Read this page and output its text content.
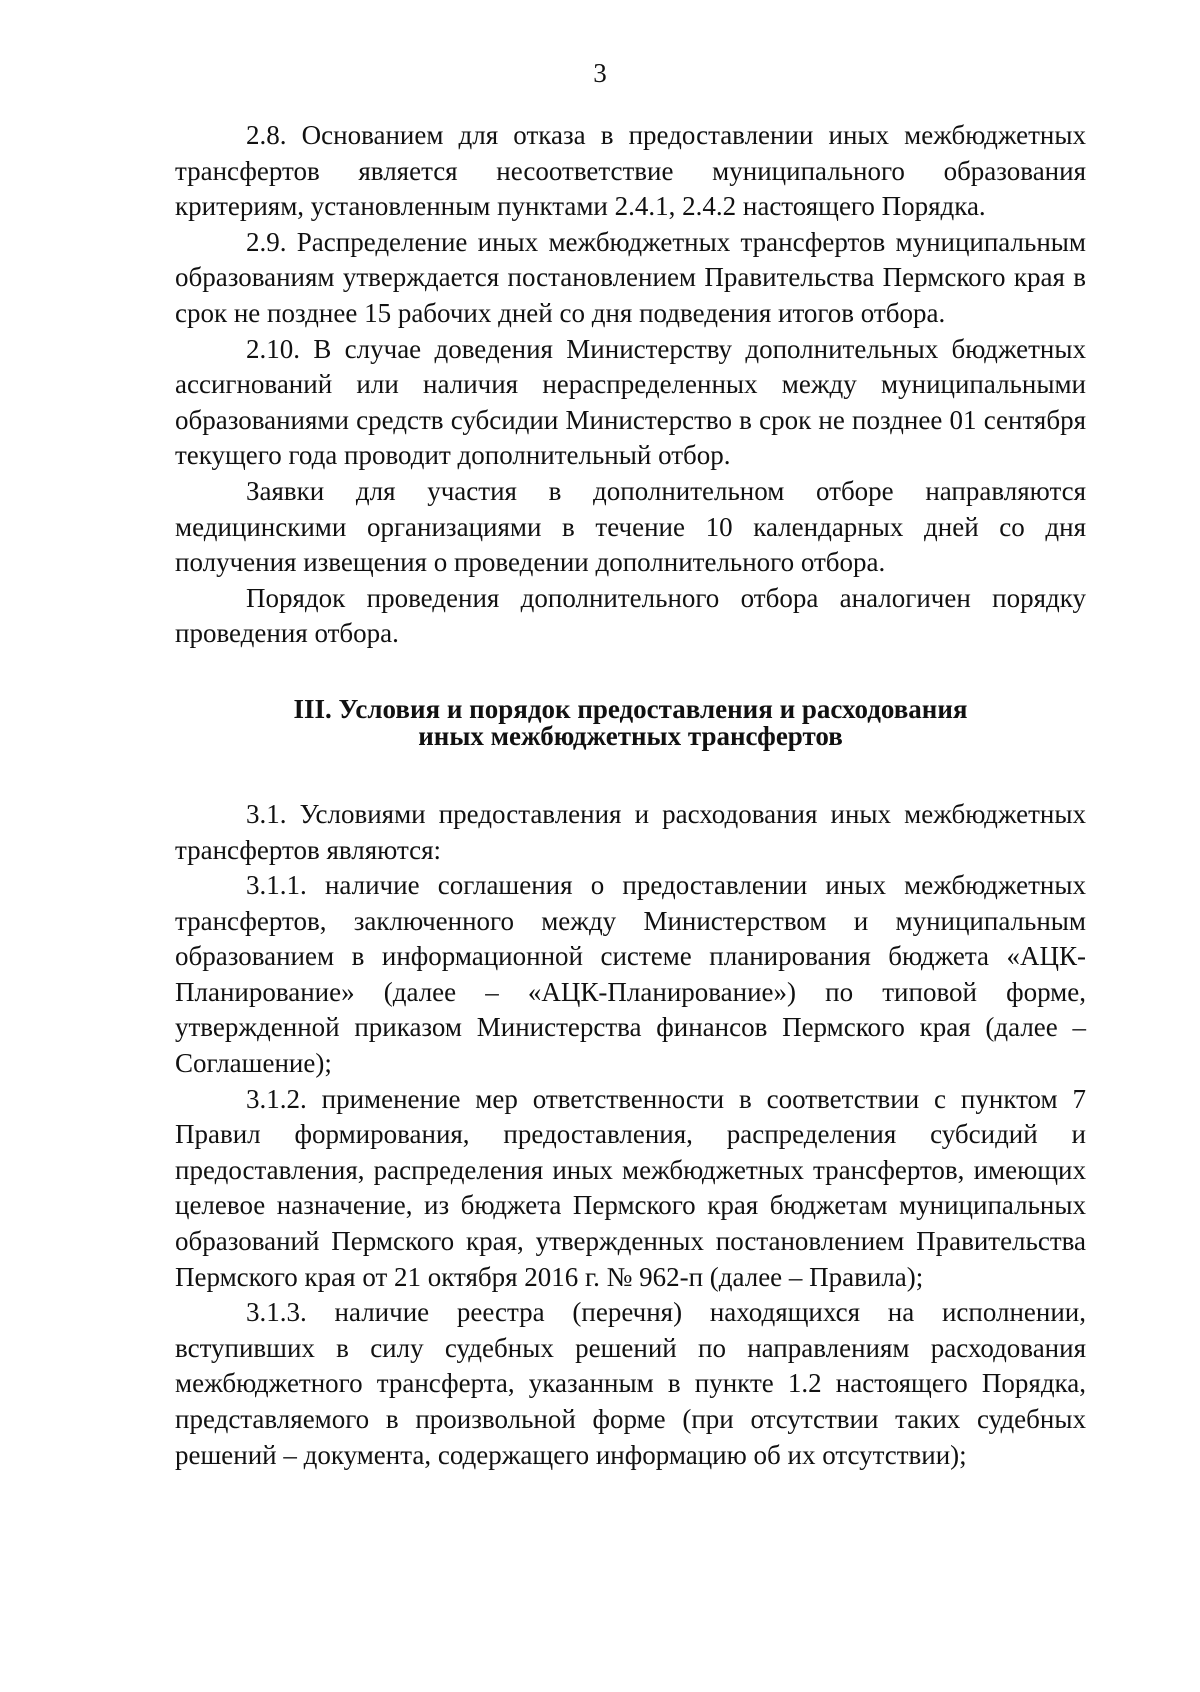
3

2.8. Основанием для отказа в предоставлении иных межбюджетных трансфертов является несоответствие муниципального образования критериям, установленным пунктами 2.4.1, 2.4.2 настоящего Порядка.

2.9. Распределение иных межбюджетных трансфертов муниципальным образованиям утверждается постановлением Правительства Пермского края в срок не позднее 15 рабочих дней со дня подведения итогов отбора.

2.10. В случае доведения Министерству дополнительных бюджетных ассигнований или наличия нераспределенных между муниципальными образованиями средств субсидии Министерство в срок не позднее 01 сентября текущего года проводит дополнительный отбор.

Заявки для участия в дополнительном отборе направляются медицинскими организациями в течение 10 календарных дней со дня получения извещения о проведении дополнительного отбора.

Порядок проведения дополнительного отбора аналогичен порядку проведения отбора.

III. Условия и порядок предоставления и расходования
иных межбюджетных трансфертов

3.1. Условиями предоставления и расходования иных межбюджетных трансфертов являются:

3.1.1. наличие соглашения о предоставлении иных межбюджетных трансфертов, заключенного между Министерством и муниципальным образованием в информационной системе планирования бюджета «АЦК-Планирование» (далее – «АЦК-Планирование») по типовой форме, утвержденной приказом Министерства финансов Пермского края (далее – Соглашение);

3.1.2. применение мер ответственности в соответствии с пунктом 7 Правил формирования, предоставления, распределения субсидий и предоставления, распределения иных межбюджетных трансфертов, имеющих целевое назначение, из бюджета Пермского края бюджетам муниципальных образований Пермского края, утвержденных постановлением Правительства Пермского края от 21 октября 2016 г. № 962-п (далее – Правила);

3.1.3. наличие реестра (перечня) находящихся на исполнении, вступивших в силу судебных решений по направлениям расходования межбюджетного трансферта, указанным в пункте 1.2 настоящего Порядка, представляемого в произвольной форме (при отсутствии таких судебных решений – документа, содержащего информацию об их отсутствии);
